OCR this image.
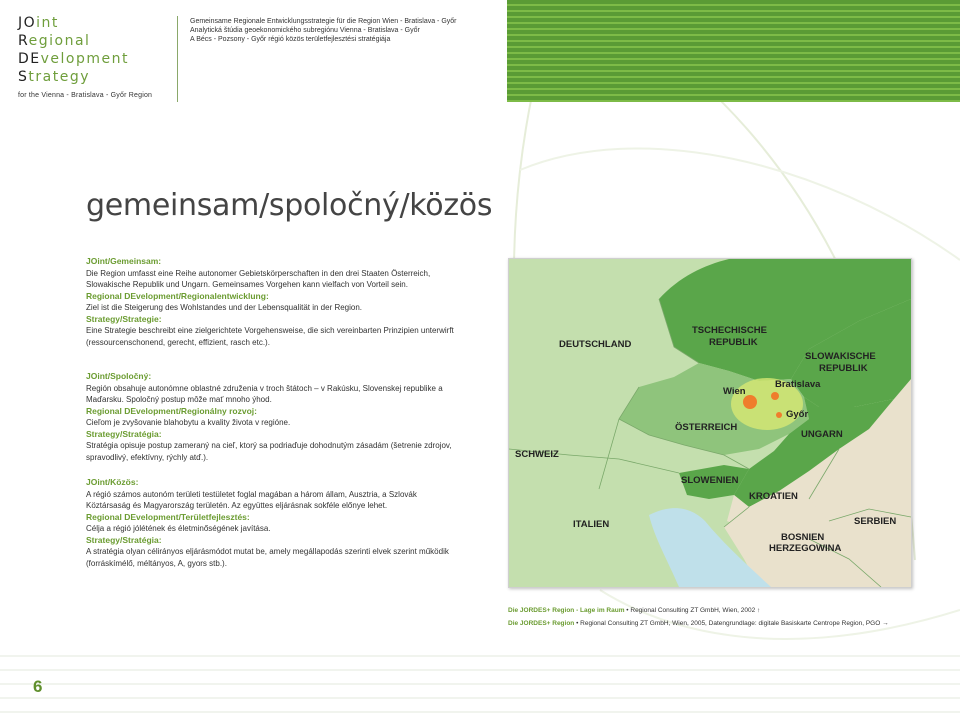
JOint
Regional
DEvelopment
Strategy
for the Vienna - Bratislava - Győr Region
Gemeinsame Regionale Entwicklungsstrategie für die Region Wien - Bratislava - Győr
Analytická štúdia geoekonomického subregiónu Vienna - Bratislava - Győr
A Bécs - Pozsony - Győr régió közös területfejlesztési stratégiája
gemeinsam/spoločný/közös
JOint/Gemeinsam:

Die Region umfasst eine Reihe autonomer Gebietskörperschaften in den drei Staaten Österreich, Slowakische Republik und Ungarn. Gemeinsames Vorgehen kann vielfach von Vorteil sein.

Regional DEvelopment/Regionalentwicklung:

Ziel ist die Steigerung des Wohlstandes und der Lebensqualität in der Region.

Strategy/Strategie:

Eine Strategie beschreibt eine zielgerichtete Vorgehensweise, die sich vereinbarten Prinzipien unterwirft (ressourcenschonend, gerecht, effizient, rasch etc.).

JOint/Spoločný:

Región obsahuje autonómne oblastné združenia v troch štátoch – v Rakúsku, Slovenskej republike a Maďarsku. Spoločný postup môže mať mnoho ýhod.

Regional DEvelopment/Regionálny rozvoj:

Cieľom je zvyšovanie blahobytu a kvality života v regióne.

Strategy/Stratégia:

Stratégia opisuje postup zameraný na cieľ, ktorý sa podriaďuje dohodnutým zásadám (šetrenie zdrojov, spravodlivý, efektívny, rýchly atď.).

JOint/Közös:

A régió számos autonóm területi testületet foglal magában a három állam, Ausztria, a Szlovák Köztársaság és Magyarország területén. Az együttes eljárásnak sokféle előnye lehet.

Regional DEvelopment/Területfejlesztés:

Célja a régió jólétének és életminőségének javítása.

Strategy/Stratégia:

A stratégia olyan célirányos eljárásmódot mutat be, amely megállapodás szerinti elvek szerint működik (forráskímélő, méltányos, A, gyors stb.).

DEUTSCHLAND
TSCHECHISCHE
REPUBLIK
SLOWAKISCHE
REPUBLIK
Wien
Bratislava
Győr
ÖSTERREICH
UNGARN
SCHWEIZ
SLOWENIEN
KROATIEN
ITALIEN	SERBIEN
BOSNIEN
HERZEGOWINA
Die JORDES+ Region - Lage im Raum • Regional Consulting ZT GmbH, Wien, 2002 ↑
Die JORDES+ Region • Regional Consulting ZT GmbH, Wien, 2005, Datengrundlage: digitale Basiskarte Centrope Region, PGO →
6
